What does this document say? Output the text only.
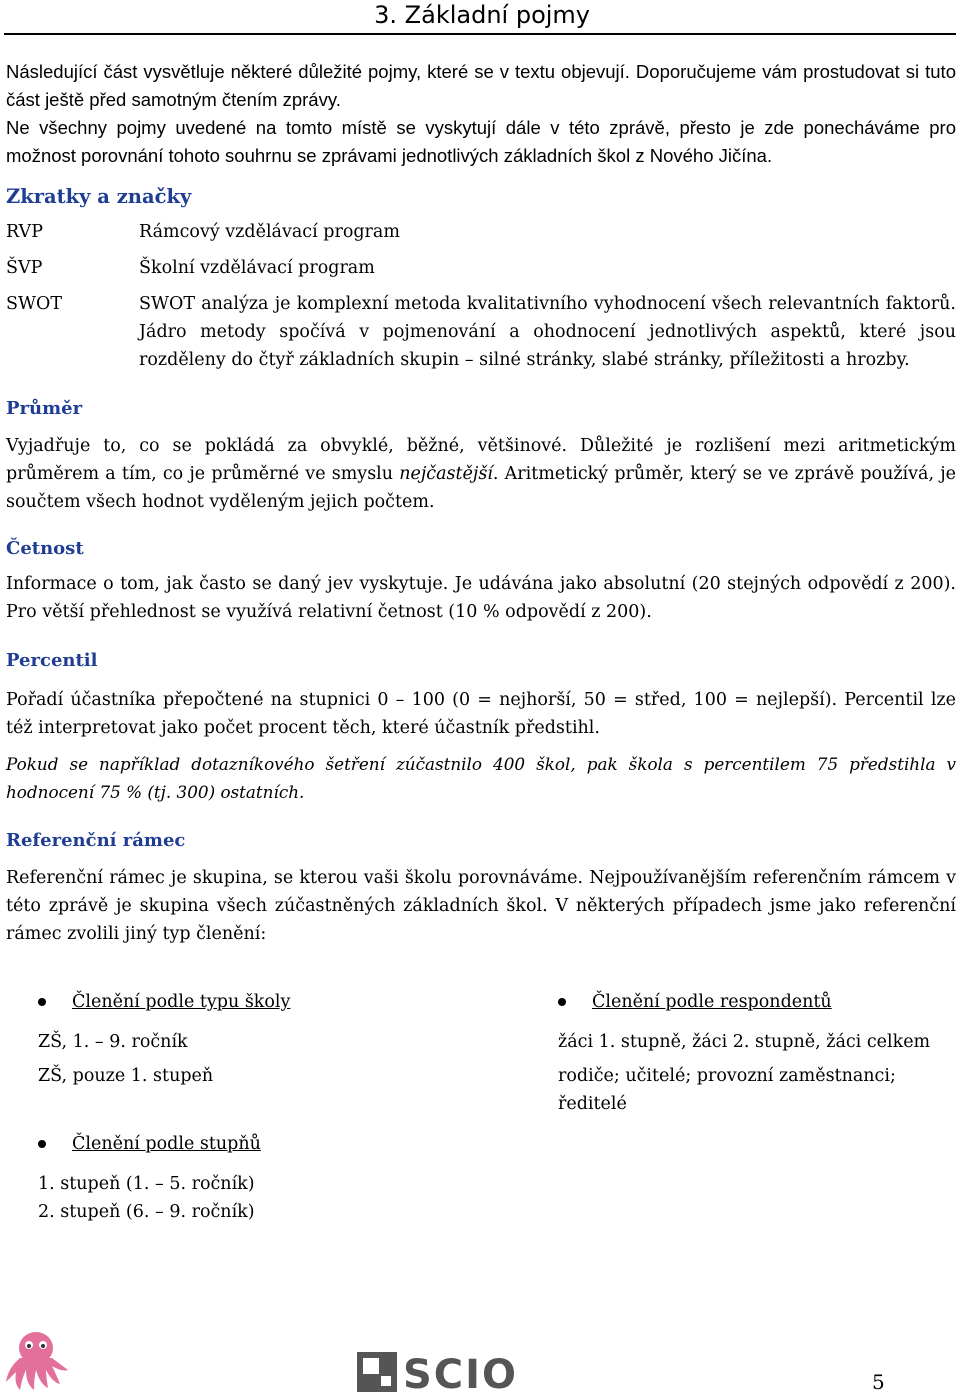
3. Základní pojmy

Následující část vysvětluje některé důležité pojmy, které se v textu objevují. Doporučujeme vám prostudovat si tuto část ještě před samotným čtením zprávy.

Ne všechny pojmy uvedené na tomto místě se vyskytují dále v této zprávě, přesto je zde ponecháváme pro možnost porovnání tohoto souhrnu se zprávami jednotlivých základních škol z Nového Jičína.

Zkratky a značky
RVP	Rámcový vzdělávací program
ŠVP	Školní vzdělávací program
SWOT	SWOT analýza je komplexní metoda kvalitativního vyhodnocení všech relevantních faktorů. Jádro metody spočívá v pojmenování a ohodnocení jednotlivých aspektů, které jsou rozděleny do čtyř základních skupin – silné stránky, slabé stránky, příležitosti a hrozby.
Průměr

Vyjadřuje to, co se pokládá za obvyklé, běžné, většinové. Důležité je rozlišení mezi aritmetickým průměrem a tím, co je průměrné ve smyslu nejčastější. Aritmetický průměr, který se ve zprávě používá, je součtem všech hodnot vyděleným jejich počtem.

Četnost

Informace o tom, jak často se daný jev vyskytuje. Je udávána jako absolutní (20 stejných odpovědí z 200). Pro větší přehlednost se využívá relativní četnost (10 % odpovědí z 200).

Percentil

Pořadí účastníka přepočtené na stupnici 0 – 100 (0 = nejhorší, 50 = střed, 100 = nejlepší). Percentil lze též interpretovat jako počet procent těch, které účastník předstihl.

Pokud se například dotazníkového šetření zúčastnilo 400 škol, pak škola s percentilem 75 předstihla v hodnocení 75 % (tj. 300) ostatních.

Referenční rámec

Referenční rámec je skupina, se kterou vaši školu porovnáváme. Nejpoužívanějším referenčním rámcem v této zprávě je skupina všech zúčastněných základních škol. V některých případech jsme jako referenční rámec zvolili jiný typ členění:

Členění podle typu školy
ZŠ, 1. – 9. ročník
ZŠ, pouze 1. stupeň
Členění podle stupňů
1. stupeň (1. – 5. ročník)
2. stupeň (6. – 9. ročník)
Členění podle respondentů
žáci 1. stupně, žáci 2. stupně, žáci celkem
rodiče; učitelé; provozní zaměstnanci; ředitelé
SCIO	5
